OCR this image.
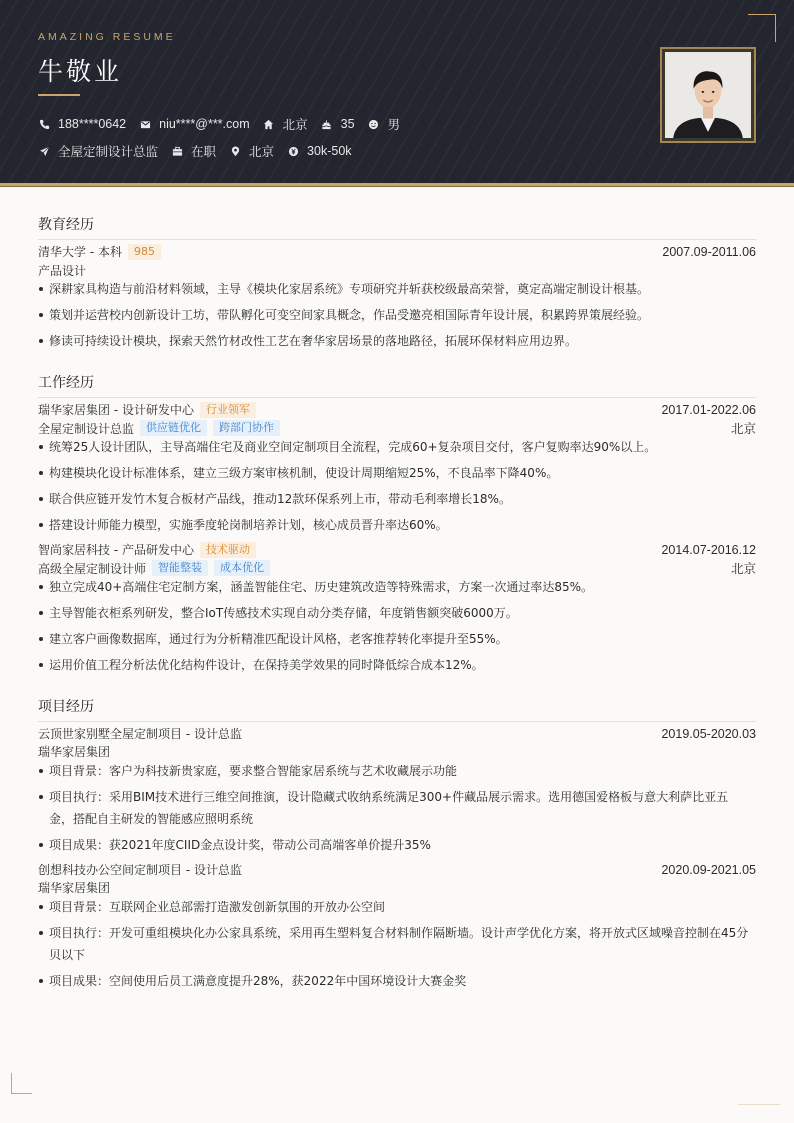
AMAZING RESUME
牛敬业
188****0642	niu****@***.com	北京	35	男
全屋定制设计总监	在职	北京	30k-50k
教育经历
清华大学 - 本科	985	2007.09-2011.06
产品设计
深耕家具构造与前沿材料领域，主导《模块化家居系统》专项研究并斩获校级最高荣誉，奠定高端定制设计根基。
策划并运营校内创新设计工坊，带队孵化可变空间家具概念，作品受邀亮相国际青年设计展，积累跨界策展经验。
修读可持续设计模块，探索天然竹材改性工艺在奢华家居场景的落地路径，拓展环保材料应用边界。
工作经历
瑞华家居集团 - 设计研发中心	行业领军	2017.01-2022.06
全屋定制设计总监	供应链优化	跨部门协作	北京
统筹25人设计团队，主导高端住宅及商业空间定制项目全流程，完成60+复杂项目交付，客户复购率达90%以上。
构建模块化设计标准体系，建立三级方案审核机制，使设计周期缩短25%，不良品率下降40%。
联合供应链开发竹木复合板材产品线，推动12款环保系列上市，带动毛利率增长18%。
搭建设计师能力模型，实施季度轮岗制培养计划，核心成员晋升率达60%。
智尚家居科技 - 产品研发中心	技术驱动	2014.07-2016.12
高级全屋定制设计师	智能整装	成本优化	北京
独立完成40+高端住宅定制方案，涵盖智能住宅、历史建筑改造等特殊需求，方案一次通过率达85%。
主导智能衣柜系列研发，整合IoT传感技术实现自动分类存储，年度销售额突破6000万。
建立客户画像数据库，通过行为分析精准匹配设计风格，老客推荐转化率提升至55%。
运用价值工程分析法优化结构件设计，在保持美学效果的同时降低综合成本12%。
项目经历
云顶世家别墅全屋定制项目 - 设计总监	2019.05-2020.03
瑞华家居集团
项目背景：客户为科技新贵家庭，要求整合智能家居系统与艺术收藏展示功能
项目执行：采用BIM技术进行三维空间推演，设计隐藏式收纳系统满足300+件藏品展示需求。选用德国爱格板与意大利萨比亚五金，搭配自主研发的智能感应照明系统
项目成果：获2021年度CIID金点设计奖，带动公司高端客单价提升35%
创想科技办公空间定制项目 - 设计总监	2020.09-2021.05
瑞华家居集团
项目背景：互联网企业总部需打造激发创新氛围的开放办公空间
项目执行：开发可重组模块化办公家具系统，采用再生塑料复合材料制作隔断墙。设计声学优化方案，将开放式区域噪音控制在45分贝以下
项目成果：空间使用后员工满意度提升28%，获2022年中国环境设计大赛金奖
